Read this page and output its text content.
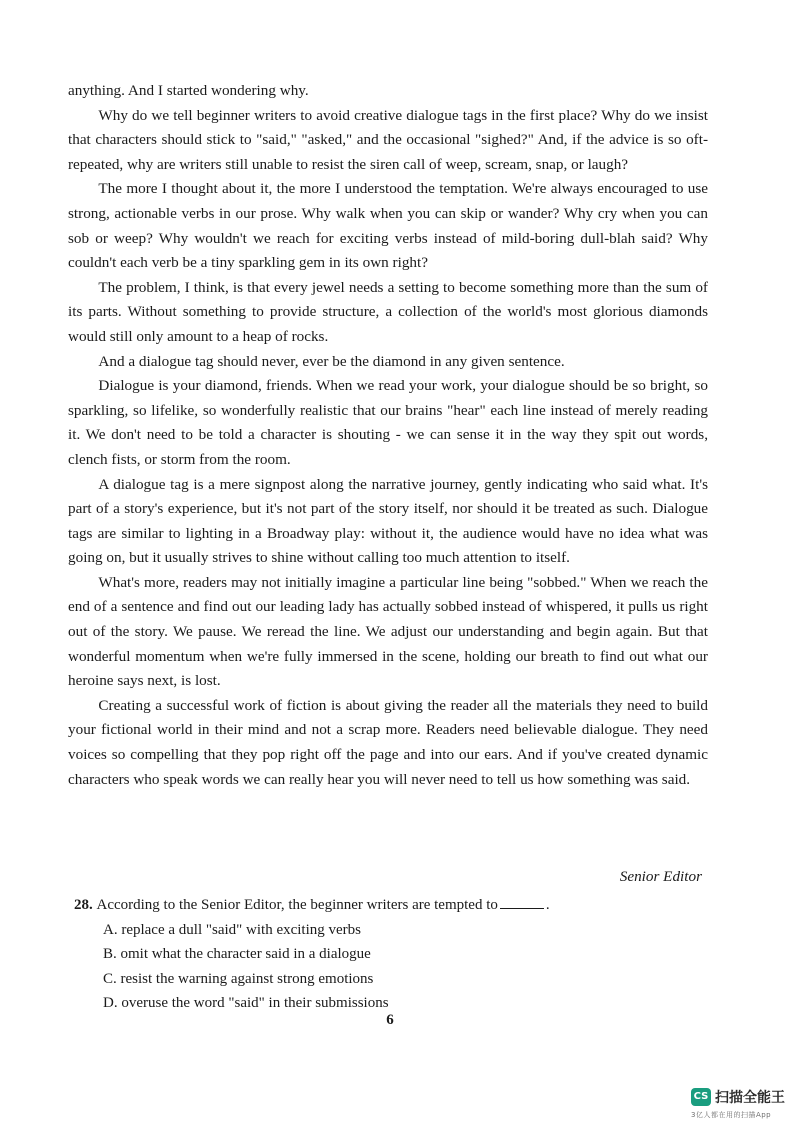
anything. And I started wondering why.

Why do we tell beginner writers to avoid creative dialogue tags in the first place? Why do we insist that characters should stick to "said," "asked," and the occasional "sighed?" And, if the advice is so oft-repeated, why are writers still unable to resist the siren call of weep, scream, snap, or laugh?

The more I thought about it, the more I understood the temptation. We're always encouraged to use strong, actionable verbs in our prose. Why walk when you can skip or wander? Why cry when you can sob or weep? Why wouldn't we reach for exciting verbs instead of mild-boring dull-blah said? Why couldn't each verb be a tiny sparkling gem in its own right?

The problem, I think, is that every jewel needs a setting to become something more than the sum of its parts. Without something to provide structure, a collection of the world's most glorious diamonds would still only amount to a heap of rocks.

And a dialogue tag should never, ever be the diamond in any given sentence.

Dialogue is your diamond, friends. When we read your work, your dialogue should be so bright, so sparkling, so lifelike, so wonderfully realistic that our brains "hear" each line instead of merely reading it. We don't need to be told a character is shouting - we can sense it in the way they spit out words, clench fists, or storm from the room.

A dialogue tag is a mere signpost along the narrative journey, gently indicating who said what. It's part of a story's experience, but it's not part of the story itself, nor should it be treated as such. Dialogue tags are similar to lighting in a Broadway play: without it, the audience would have no idea what was going on, but it usually strives to shine without calling too much attention to itself.

What's more, readers may not initially imagine a particular line being "sobbed." When we reach the end of a sentence and find out our leading lady has actually sobbed instead of whispered, it pulls us right out of the story. We pause. We reread the line. We adjust our understanding and begin again. But that wonderful momentum when we're fully immersed in the scene, holding our breath to find out what our heroine says next, is lost.

Creating a successful work of fiction is about giving the reader all the materials they need to build your fictional world in their mind and not a scrap more. Readers need believable dialogue. They need voices so compelling that they pop right off the page and into our ears. And if you've created dynamic characters who speak words we can really hear you will never need to tell us how something was said.

Senior Editor

28. According to the Senior Editor, the beginner writers are tempted to	.

A. replace a dull "said" with exciting verbs
B. omit what the character said in a dialogue
C. resist the warning against strong emotions
D. overuse the word "said" in their submissions
6
CS 扫描全能王
3亿人都在用的扫描App
